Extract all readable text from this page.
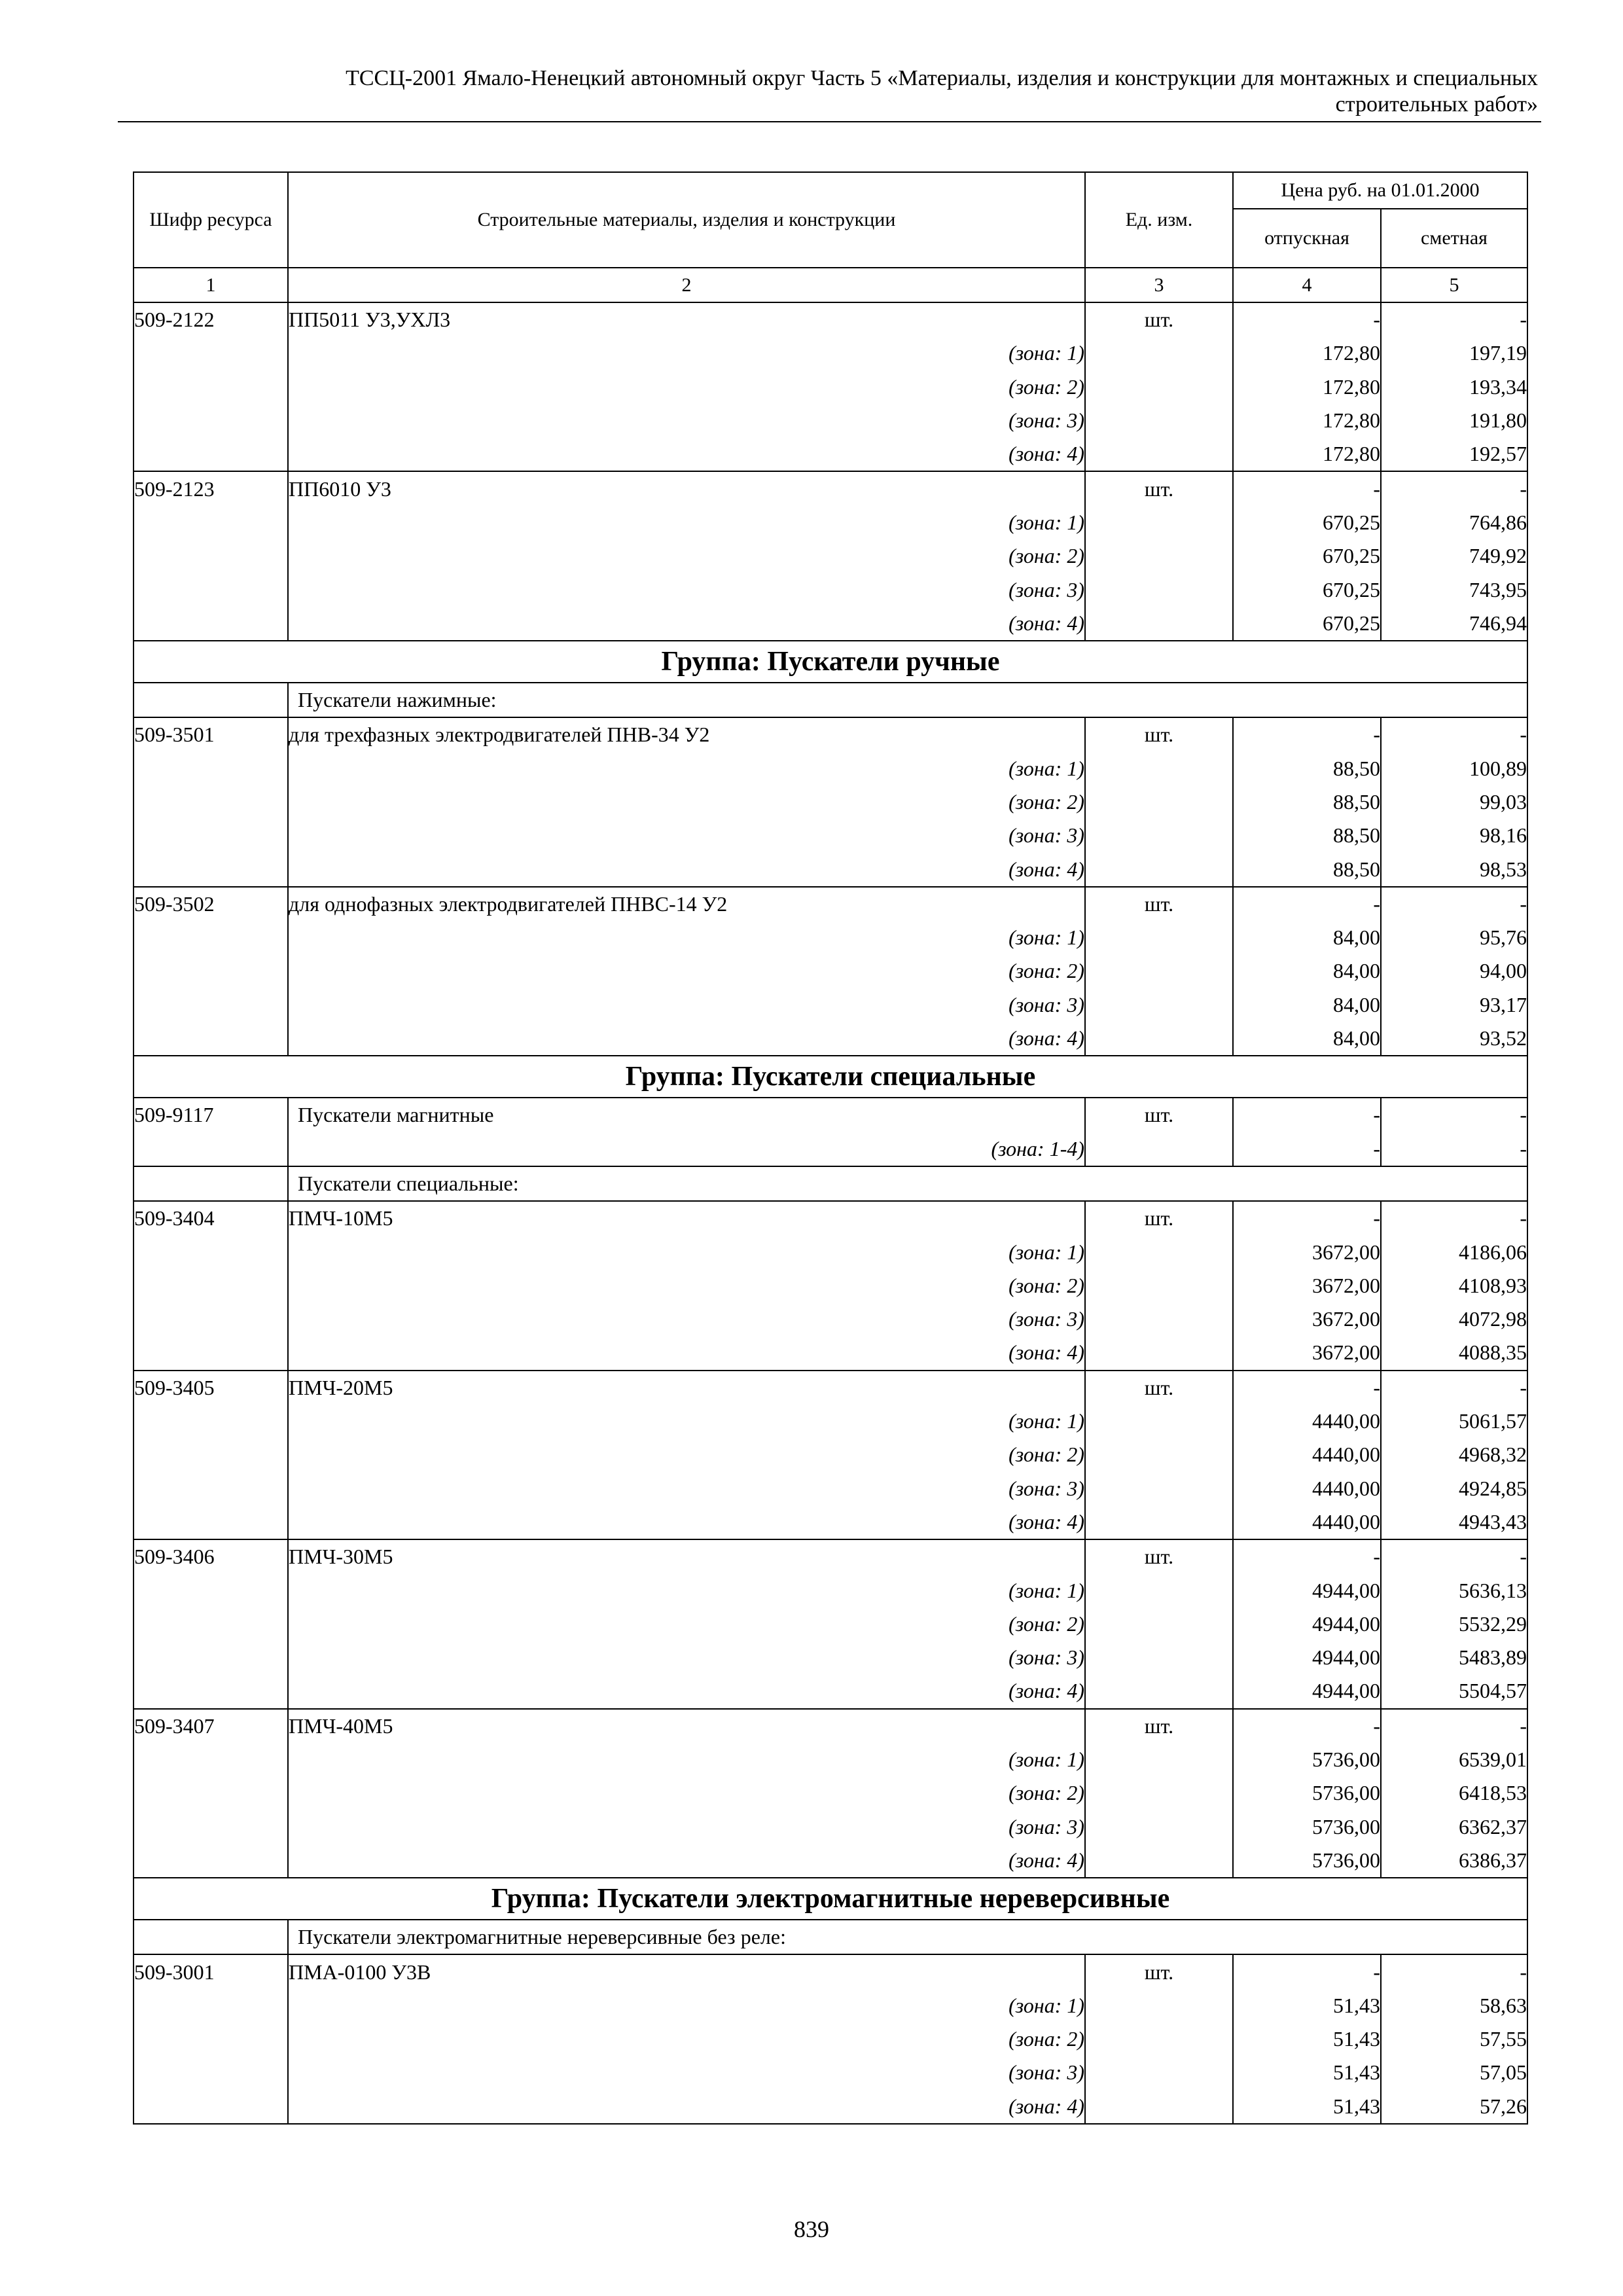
ТССЦ-2001 Ямало-Ненецкий автономный округ Часть 5 «Материалы, изделия и конструкции для монтажных и специальных
строительных работ»
Шифр ресурса	Строительные материалы, изделия и конструкции	Ед. изм.	Цена руб. на 01.01.2000	
			отпускная	сметная
1	2	3	4	5
509-2122	ПП5011 У3,УХЛ3	шт.	-	-
	(зона: 1)		172,80	197,19
	(зона: 2)		172,80	193,34
	(зона: 3)		172,80	191,80
	(зона: 4)		172,80	192,57
509-2123	ПП6010 У3	шт.	-	-
	(зона: 1)		670,25	764,86
	(зона: 2)		670,25	749,92
	(зона: 3)		670,25	743,95
	(зона: 4)		670,25	746,94
Группа: Пускатели ручные				
	Пускатели нажимные:			
509-3501	для трехфазных электродвигателей ПНВ-34 У2	шт.	-	-
	(зона: 1)		88,50	100,89
	(зона: 2)		88,50	99,03
	(зона: 3)		88,50	98,16
	(зона: 4)		88,50	98,53
509-3502	для однофазных электродвигателей ПНВС-14 У2	шт.	-	-
	(зона: 1)		84,00	95,76
	(зона: 2)		84,00	94,00
	(зона: 3)		84,00	93,17
	(зона: 4)		84,00	93,52
Группа: Пускатели специальные				
509-9117	Пускатели магнитные	шт.	-	-
	(зона: 1-4)		-	-
	Пускатели специальные:			
509-3404	ПМЧ-10М5	шт.	-	-
	(зона: 1)		3672,00	4186,06
	(зона: 2)		3672,00	4108,93
	(зона: 3)		3672,00	4072,98
	(зона: 4)		3672,00	4088,35
509-3405	ПМЧ-20М5	шт.	-	-
	(зона: 1)		4440,00	5061,57
	(зона: 2)		4440,00	4968,32
	(зона: 3)		4440,00	4924,85
	(зона: 4)		4440,00	4943,43
509-3406	ПМЧ-30М5	шт.	-	-
	(зона: 1)		4944,00	5636,13
	(зона: 2)		4944,00	5532,29
	(зона: 3)		4944,00	5483,89
	(зона: 4)		4944,00	5504,57
509-3407	ПМЧ-40М5	шт.	-	-
	(зона: 1)		5736,00	6539,01
	(зона: 2)		5736,00	6418,53
	(зона: 3)		5736,00	6362,37
	(зона: 4)		5736,00	6386,37
Группа: Пускатели электромагнитные нереверсивные				
	Пускатели электромагнитные нереверсивные без реле:			
509-3001	ПМА-0100 У3В	шт.	-	-
	(зона: 1)		51,43	58,63
	(зона: 2)		51,43	57,55
	(зона: 3)		51,43	57,05
	(зона: 4)		51,43	57,26
839
